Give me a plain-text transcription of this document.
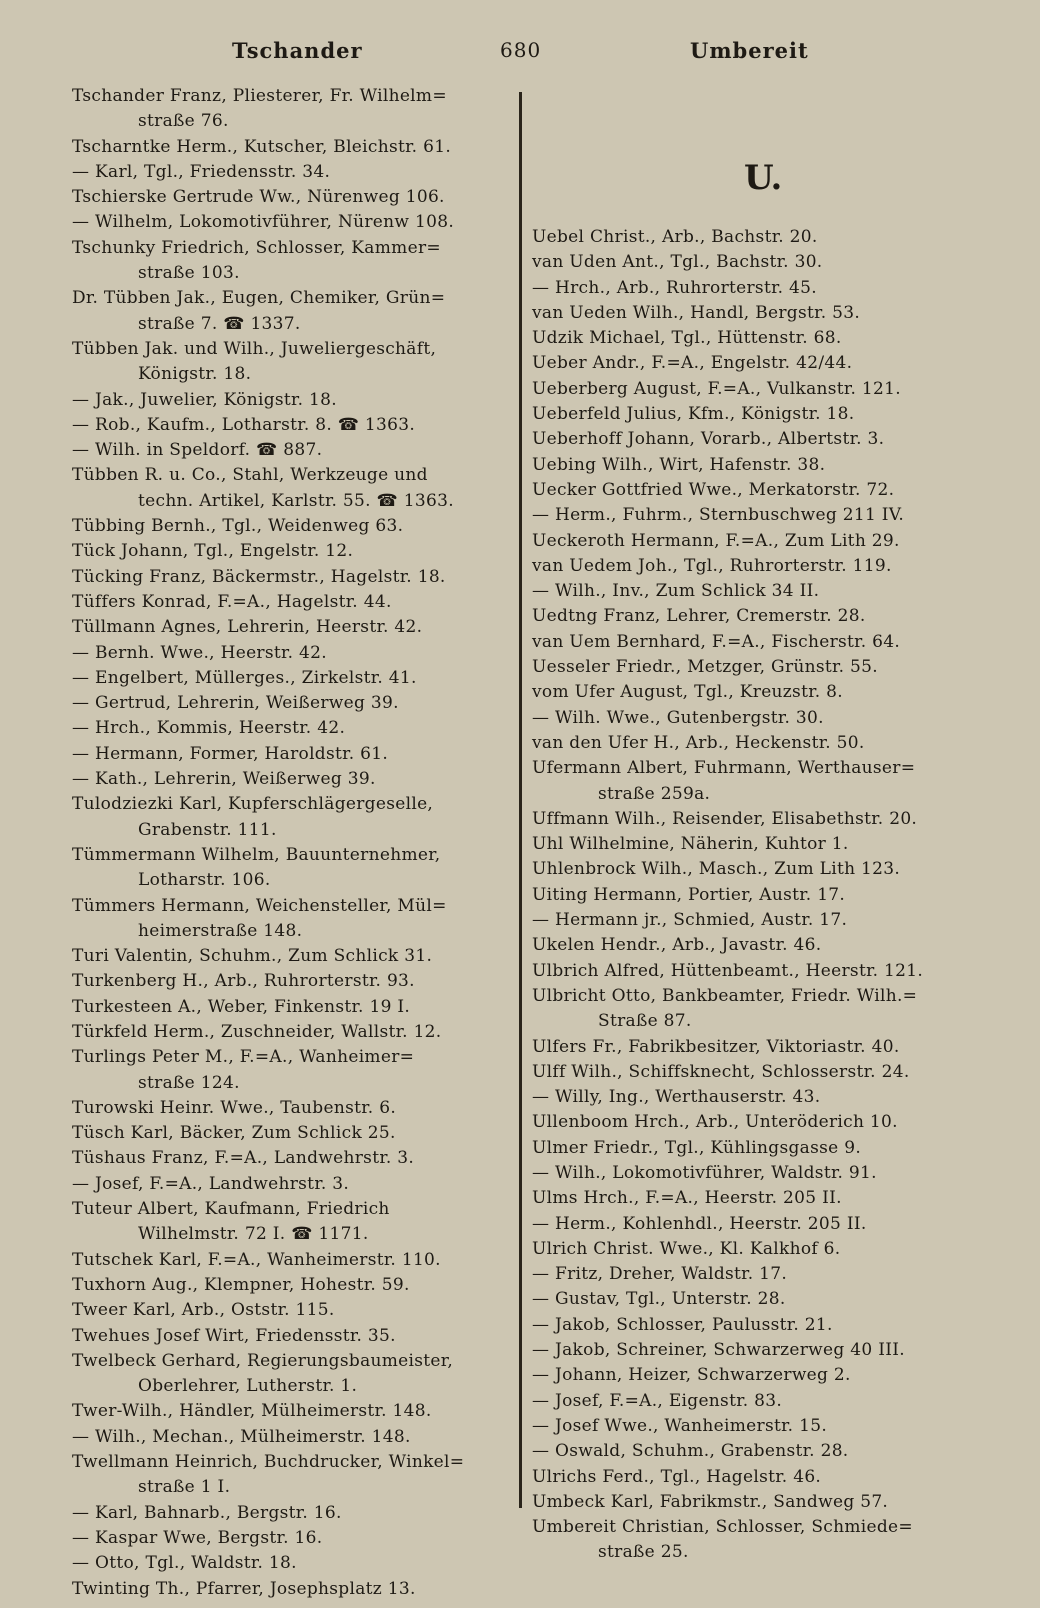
Tschander	680	Umbereit
Tschander Franz, Pliesterer, Fr. Wilhelm=
straße 76.
Tscharntke Herm., Kutscher, Bleichstr. 61.
— Karl, Tgl., Friedensstr. 34.
Tschierske Gertrude Ww., Nürenweg 106.
— Wilhelm, Lokomotivführer, Nürenw 108.
Tschunky Friedrich, Schlosser, Kammer=
straße 103.
Dr. Tübben Jak., Eugen, Chemiker, Grün=
straße 7. ☎ 1337.
Tübben Jak. und Wilh., Juweliergeschäft,
Königstr. 18.
— Jak., Juwelier, Königstr. 18.
— Rob., Kaufm., Lotharstr. 8. ☎ 1363.
— Wilh. in Speldorf. ☎ 887.
Tübben R. u. Co., Stahl, Werkzeuge und
techn. Artikel, Karlstr. 55. ☎ 1363.
Tübbing Bernh., Tgl., Weidenweg 63.
Tück Johann, Tgl., Engelstr. 12.
Tücking Franz, Bäckermstr., Hagelstr. 18.
Tüffers Konrad, F.=A., Hagelstr. 44.
Tüllmann Agnes, Lehrerin, Heerstr. 42.
— Bernh. Wwe., Heerstr. 42.
— Engelbert, Müllerges., Zirkelstr. 41.
— Gertrud, Lehrerin, Weißerweg 39.
— Hrch., Kommis, Heerstr. 42.
— Hermann, Former, Haroldstr. 61.
— Kath., Lehrerin, Weißerweg 39.
Tulodziezki Karl, Kupferschlägergeselle,
Grabenstr. 111.
Tümmermann Wilhelm, Bauunternehmer,
Lotharstr. 106.
Tümmers Hermann, Weichensteller, Mül=
heimerstraße 148.
Turi Valentin, Schuhm., Zum Schlick 31.
Turkenberg H., Arb., Ruhrorterstr. 93.
Turkesteen A., Weber, Finkenstr. 19 I.
Türkfeld Herm., Zuschneider, Wallstr. 12.
Turlings Peter M., F.=A., Wanheimer=
straße 124.
Turowski Heinr. Wwe., Taubenstr. 6.
Tüsch Karl, Bäcker, Zum Schlick 25.
Tüshaus Franz, F.=A., Landwehrstr. 3.
— Josef, F.=A., Landwehrstr. 3.
Tuteur Albert, Kaufmann, Friedrich
Wilhelmstr. 72 I. ☎ 1171.
Tutschek Karl, F.=A., Wanheimerstr. 110.
Tuxhorn Aug., Klempner, Hohestr. 59.
Tweer Karl, Arb., Oststr. 115.
Twehues Josef Wirt, Friedensstr. 35.
Twelbeck Gerhard, Regierungsbaumeister,
Oberlehrer, Lutherstr. 1.
Twer-Wilh., Händler, Mülheimerstr. 148.
— Wilh., Mechan., Mülheimerstr. 148.
Twellmann Heinrich, Buchdrucker, Winkel=
straße 1 I.
— Karl, Bahnarb., Bergstr. 16.
— Kaspar Wwe, Bergstr. 16.
— Otto, Tgl., Waldstr. 18.
Twinting Th., Pfarrer, Josephsplatz 13.
U.
Uebel Christ., Arb., Bachstr. 20.
van Uden Ant., Tgl., Bachstr. 30.
— Hrch., Arb., Ruhrorterstr. 45.
van Ueden Wilh., Handl, Bergstr. 53.
Udzik Michael, Tgl., Hüttenstr. 68.
Ueber Andr., F.=A., Engelstr. 42/44.
Ueberberg August, F.=A., Vulkanstr. 121.
Ueberfeld Julius, Kfm., Königstr. 18.
Ueberhoff Johann, Vorarb., Albertstr. 3.
Uebing Wilh., Wirt, Hafenstr. 38.
Uecker Gottfried Wwe., Merkatorstr. 72.
— Herm., Fuhrm., Sternbuschweg 211 IV.
Ueckeroth Hermann, F.=A., Zum Lith 29.
van Uedem Joh., Tgl., Ruhrorterstr. 119.
— Wilh., Inv., Zum Schlick 34 II.
Uedtng Franz, Lehrer, Cremerstr. 28.
van Uem Bernhard, F.=A., Fischerstr. 64.
Uesseler Friedr., Metzger, Grünstr. 55.
vom Ufer August, Tgl., Kreuzstr. 8.
— Wilh. Wwe., Gutenbergstr. 30.
van den Ufer H., Arb., Heckenstr. 50.
Ufermann Albert, Fuhrmann, Werthauser=
straße 259a.
Uffmann Wilh., Reisender, Elisabethstr. 20.
Uhl Wilhelmine, Näherin, Kuhtor 1.
Uhlenbrock Wilh., Masch., Zum Lith 123.
Uiting Hermann, Portier, Austr. 17.
— Hermann jr., Schmied, Austr. 17.
Ukelen Hendr., Arb., Javastr. 46.
Ulbrich Alfred, Hüttenbeamt., Heerstr. 121.
Ulbricht Otto, Bankbeamter, Friedr. Wilh.=
Straße 87.
Ulfers Fr., Fabrikbesitzer, Viktoriastr. 40.
Ulff Wilh., Schiffsknecht, Schlosserstr. 24.
— Willy, Ing., Werthauserstr. 43.
Ullenboom Hrch., Arb., Unteröderich 10.
Ulmer Friedr., Tgl., Kühlingsgasse 9.
— Wilh., Lokomotivführer, Waldstr. 91.
Ulms Hrch., F.=A., Heerstr. 205 II.
— Herm., Kohlenhdl., Heerstr. 205 II.
Ulrich Christ. Wwe., Kl. Kalkhof 6.
— Fritz, Dreher, Waldstr. 17.
— Gustav, Tgl., Unterstr. 28.
— Jakob, Schlosser, Paulusstr. 21.
— Jakob, Schreiner, Schwarzerweg 40 III.
— Johann, Heizer, Schwarzerweg 2.
— Josef, F.=A., Eigenstr. 83.
— Josef Wwe., Wanheimerstr. 15.
— Oswald, Schuhm., Grabenstr. 28.
Ulrichs Ferd., Tgl., Hagelstr. 46.
Umbeck Karl, Fabrikmstr., Sandweg 57.
Umbereit Christian, Schlosser, Schmiede=
straße 25.
